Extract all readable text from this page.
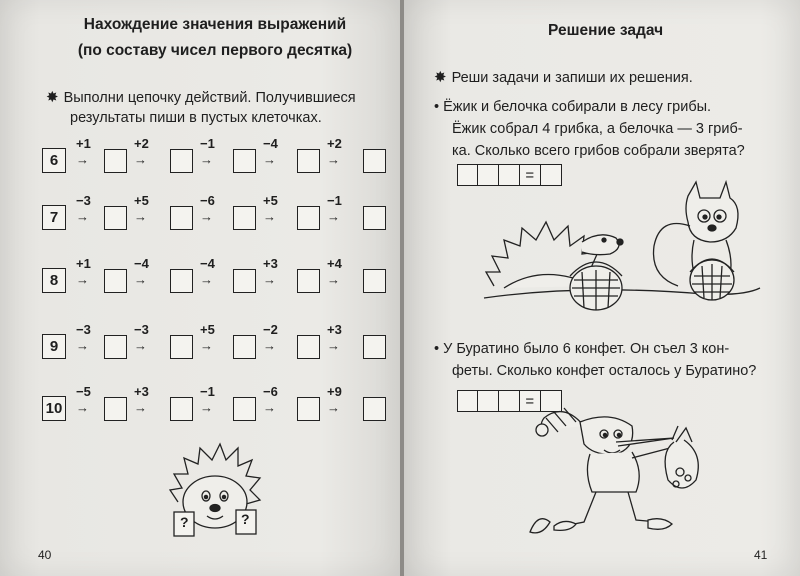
Нахождение значения выражений
(по составу чисел первого десятка)
✸ Выполни цепочку действий. Получившиеся
результаты пиши в пустых клеточках.
6
+1
→
+2
→
−1
→
−4
→
+2
→
7
−3
→
+5
→
−6
→
+5
→
−1
→
8
+1
→
−4
→
−4
→
+3
→
+4
→
9
−3
→
−3
→
+5
→
−2
→
+3
→
10
−5
→
+3
→
−1
→
−6
→
+9
→
?	?
40
Решение задач
✸ Реши задачи и запиши их решения.
• Ёжик и белочка собирали в лесу грибы.
Ёжик собрал 4 грибка, а белочка — 3 гриб-
ка. Сколько всего грибов собрали зверята?
=
• У Буратино было 6 конфет. Он съел 3 кон-
феты. Сколько конфет осталось у Буратино?
=
41
